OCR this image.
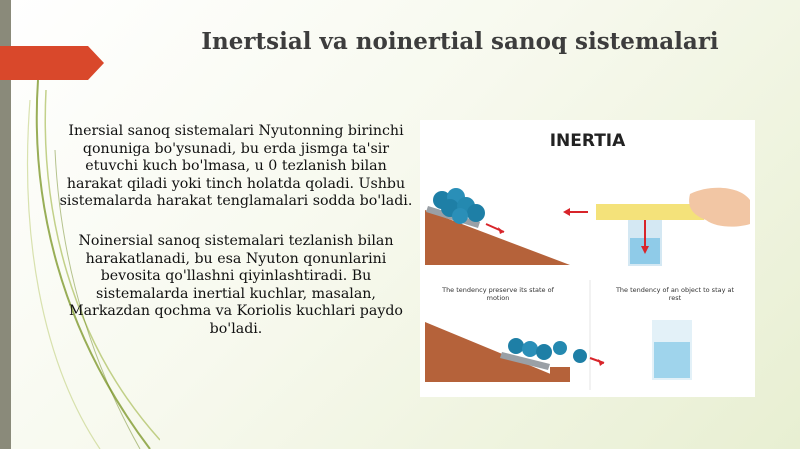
Inertsial va noinertial sanoq sistemalari
Inersial sanoq sistemalari Nyutonning birinchi qonuniga bo'ysunadi, bu erda jismga ta'sir etuvchi kuch bo'lmasa, u 0 tezlanish bilan harakat qiladi yoki tinch holatda qoladi. Ushbu sistemalarda harakat tenglamalari sodda bo'ladi.
Noinersial sanoq sistemalari tezlanish bilan harakatlanadi, bu esa Nyuton qonunlarini bevosita qo'llashni qiyinlashtiradi. Bu sistemalarda inertial kuchlar, masalan, Markazdan qochma va Koriolis kuchlari paydo bo'ladi.
INERTIA
The tendency preserve its state of motion
The tendency of an object to stay at rest
